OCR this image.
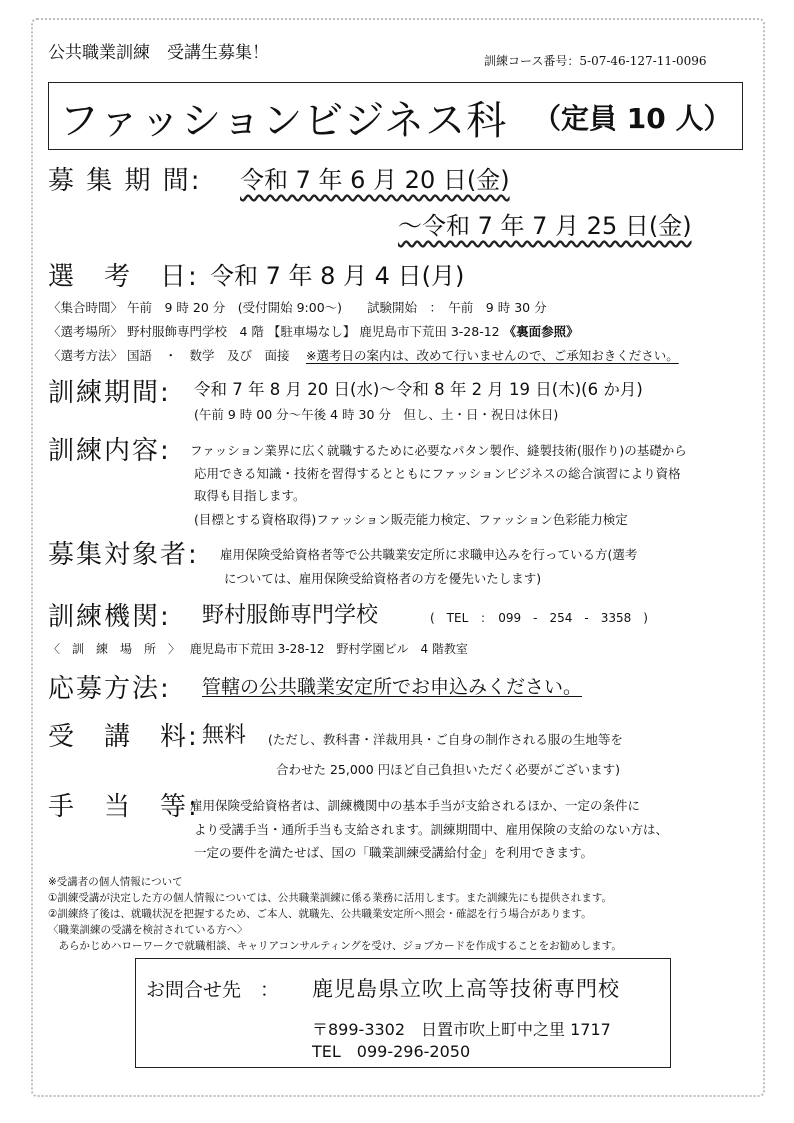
公共職業訓練　受講生募集！	訓練コース番号：5-07-46-127-11-0096
ファッションビジネス科 （定員 10 人）
募 集 期 間: 令和 7 年 6 月 20 日(金)
～令和 7 年 7 月 25 日(金)
選　考　日: 令和 7 年 8 月 4 日(月)
〈集合時間〉 午前　9 時 20 分　(受付開始 9:00～)　　試験開始　：　午前　9 時 30 分
〈選考場所〉 野村服飾専門学校　4 階 【駐車場なし】 鹿児島市下荒田 3-28-12 《裏面参照》
〈選考方法〉 国語　・　数学　及び　面接　 ※選考日の案内は、改めて行いませんので、ご承知おきください。
訓練期間: 令和 7 年 8 月 20 日(水)～令和 8 年 2 月 19 日(木)(6 か月)
(午前 9 時 00 分～午後 4 時 30 分　但し、土・日・祝日は休日)
訓練内容: ファッション業界に広く就職するために必要なパタン製作、縫製技術(服作り)の基礎から
応用できる知識・技術を習得するとともにファッションビジネスの総合演習により資格
取得も目指します。
(目標とする資格取得)ファッション販売能力検定、ファッション色彩能力検定
募集対象者: 雇用保険受給資格者等で公共職業安定所に求職申込みを行っている方(選考
については、雇用保険受給資格者の方を優先いたします)
訓練機関: 野村服飾専門学校	(　TEL　：　099　-　254　-　3358　)
〈　訓　練　場　所　〉　 鹿児島市下荒田 3-28-12　野村学園ビル　4 階教室
応募方法: 管轄の公共職業安定所でお申込みください。
受　講　料: 無料 (ただし、教科書・洋裁用具・ご自身の制作される服の生地等を
合わせた 25,000 円ほど自己負担いただく必要がございます)
手　当　等:
雇用保険受給資格者は、訓練機関中の基本手当が支給されるほか、一定の条件に
より受講手当・通所手当も支給されます。訓練期間中、雇用保険の支給のない方は、
一定の要件を満たせば、国の「職業訓練受講給付金」を利用できます。
※受講者の個人情報について
①訓練受講が決定した方の個人情報については、公共職業訓練に係る業務に活用します。また訓練先にも提供されます。
②訓練終了後は、就職状況を把握するため、ご本人、就職先、公共職業安定所へ照会・確認を行う場合があります。
〈職業訓練の受講を検討されている方へ〉
　あらかじめハローワークで就職相談、キャリアコンサルティングを受け、ジョブカードを作成することをお勧めします。
お問合せ先　： 鹿児島県立吹上高等技術専門校
〒899-3302　日置市吹上町中之里 1717
TEL　099-296-2050
